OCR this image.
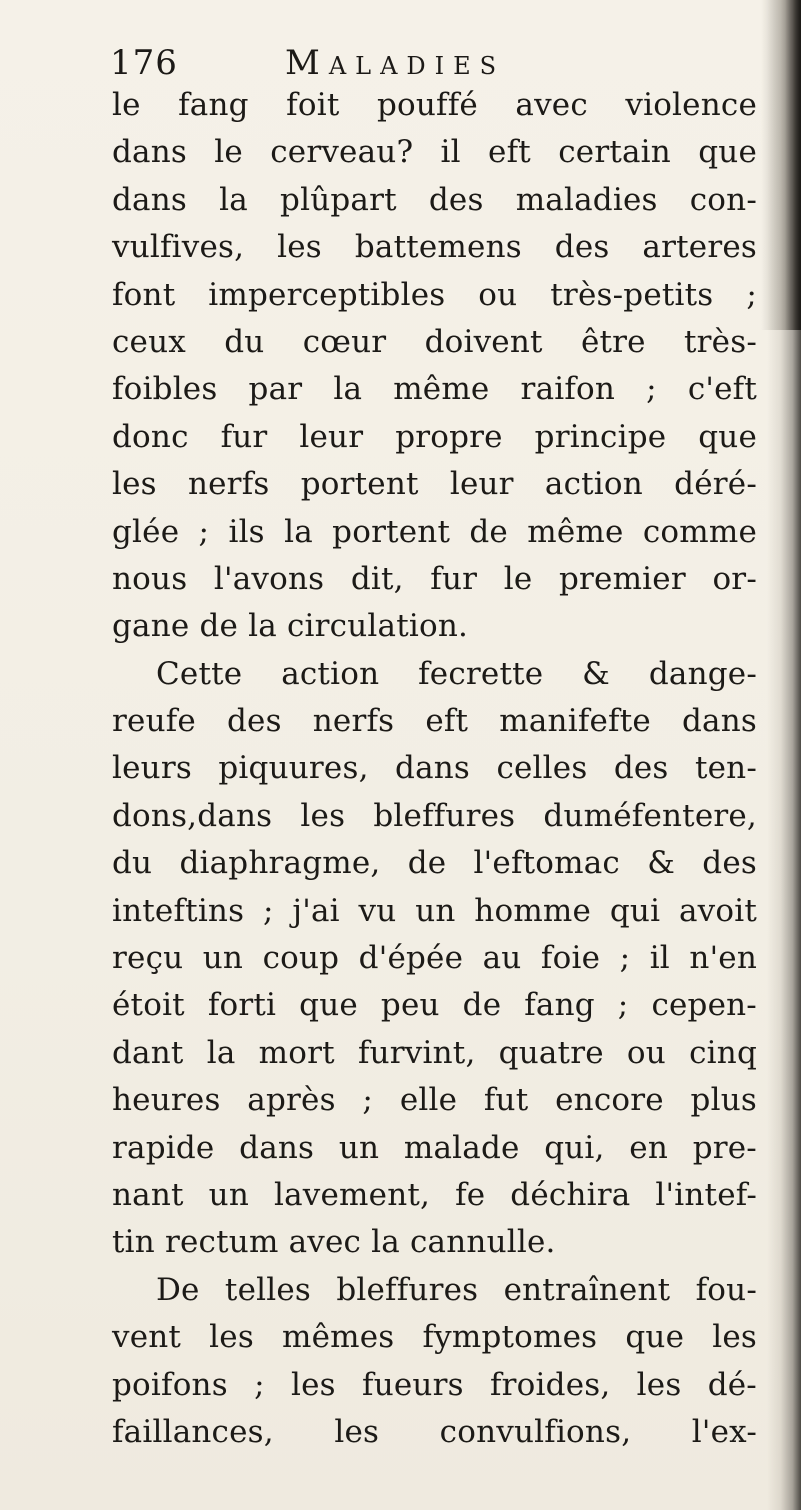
176	Maladies
le fang foit pouffé avec violence
dans le cerveau? il eft certain que
dans la plûpart des maladies con-
vulfives, les battemens des arteres
font imperceptibles ou très-petits ;
ceux du cœur doivent être très-
foibles par la même raifon ; c'eft
donc fur leur propre principe que
les nerfs portent leur action déré-
glée ; ils la portent de même comme
nous l'avons dit, fur le premier or-
gane de la circulation.
Cette action fecrette & dange-
reufe des nerfs eft manifefte dans
leurs piquures, dans celles des ten-
dons,dans les bleffures duméfentere,
du diaphragme, de l'eftomac & des
inteftins ; j'ai vu un homme qui avoit
reçu un coup d'épée au foie ; il n'en
étoit forti que peu de fang ; cepen-
dant la mort furvint, quatre ou cinq
heures après ; elle fut encore plus
rapide dans un malade qui, en pre-
nant un lavement, fe déchira l'intef-
tin rectum avec la cannulle.
De telles bleffures entraînent fou-
vent les mêmes fymptomes que les
poifons ; les fueurs froides, les dé-
faillances, les convulfions, l'ex-
